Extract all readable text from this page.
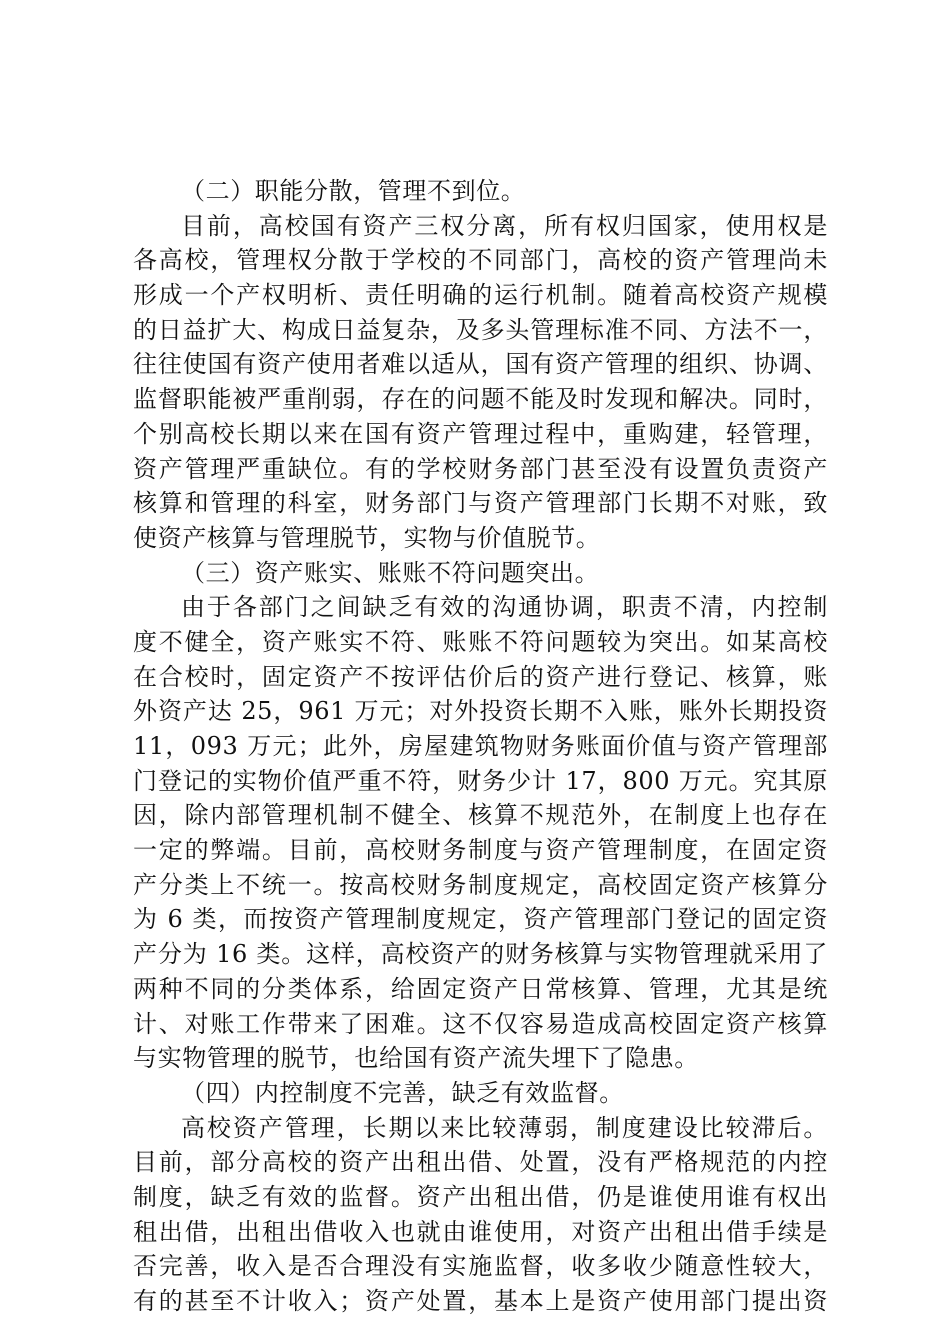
（二）职能分散，管理不到位。
目前，高校国有资产三权分离，所有权归国家，使用权是
各高校，管理权分散于学校的不同部门，高校的资产管理尚未
形成一个产权明析、责任明确的运行机制。随着高校资产规模
的日益扩大、构成日益复杂，及多头管理标准不同、方法不一，
往往使国有资产使用者难以适从，国有资产管理的组织、协调、
监督职能被严重削弱，存在的问题不能及时发现和解决。同时，
个别高校长期以来在国有资产管理过程中，重购建，轻管理，
资产管理严重缺位。有的学校财务部门甚至没有设置负责资产
核算和管理的科室，财务部门与资产管理部门长期不对账，致
使资产核算与管理脱节，实物与价值脱节。
（三）资产账实、账账不符问题突出。
由于各部门之间缺乏有效的沟通协调，职责不清，内控制
度不健全，资产账实不符、账账不符问题较为突出。如某高校
在合校时，固定资产不按评估价后的资产进行登记、核算，账
外资产达 25，961 万元；对外投资长期不入账，账外长期投资
11，093 万元；此外，房屋建筑物财务账面价值与资产管理部
门登记的实物价值严重不符，财务少计 17，800 万元。究其原
因，除内部管理机制不健全、核算不规范外，在制度上也存在
一定的弊端。目前，高校财务制度与资产管理制度，在固定资
产分类上不统一。按高校财务制度规定，高校固定资产核算分
为 6 类，而按资产管理制度规定，资产管理部门登记的固定资
产分为 16 类。这样，高校资产的财务核算与实物管理就采用了
两种不同的分类体系，给固定资产日常核算、管理，尤其是统
计、对账工作带来了困难。这不仅容易造成高校固定资产核算
与实物管理的脱节，也给国有资产流失埋下了隐患。
（四）内控制度不完善，缺乏有效监督。
高校资产管理，长期以来比较薄弱，制度建设比较滞后。
目前，部分高校的资产出租出借、处置，没有严格规范的内控
制度，缺乏有效的监督。资产出租出借，仍是谁使用谁有权出
租出借，出租出借收入也就由谁使用，对资产出租出借手续是
否完善，收入是否合理没有实施监督，收多收少随意性较大，
有的甚至不计收入；资产处置，基本上是资产使用部门提出资
